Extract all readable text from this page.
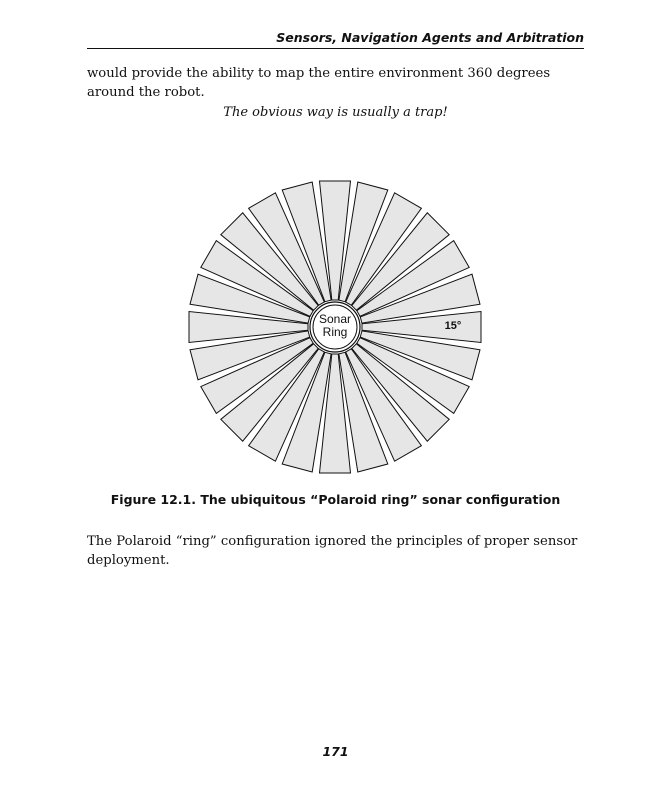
Sensors, Navigation Agents and Arbitration
would provide the ability to map the entire environment 360 degrees around the robot.
The obvious way is usually a trap!
Sonar
Ring	15°
Figure 12.1. The ubiquitous “Polaroid ring” sonar configuration
The Polaroid “ring” configuration ignored the principles of proper sensor deployment.
171
